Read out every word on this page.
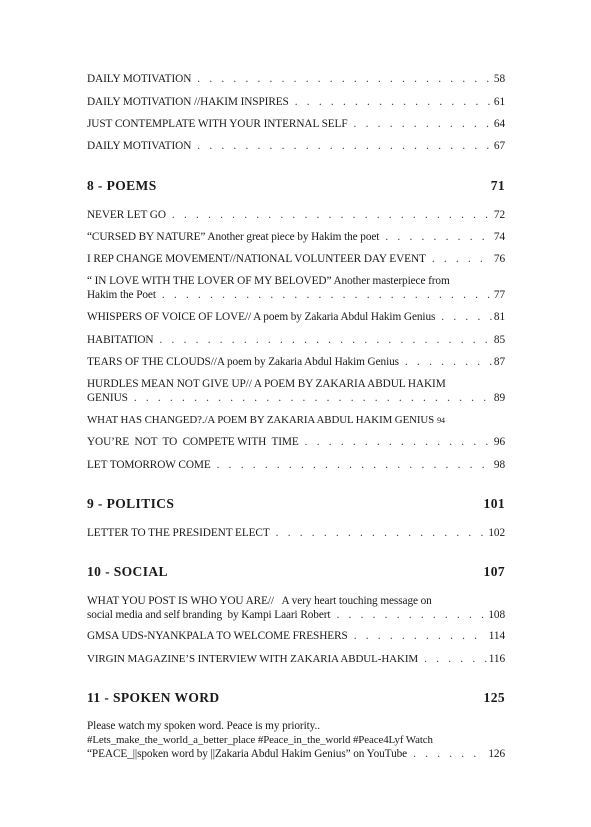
DAILY MOTIVATION . . .	58
DAILY MOTIVATION //HAKIM INSPIRES . . .	61
JUST CONTEMPLATE WITH YOUR INTERNAL SELF . . .	64
DAILY MOTIVATION . . .	67
8 - POEMS	71
NEVER LET GO . . .	72
“CURSED BY NATURE” Another great piece by Hakim the poet . . .	74
I REP CHANGE MOVEMENT//NATIONAL VOLUNTEER DAY EVENT . . .	76
“ IN LOVE WITH THE LOVER OF MY BELOVED” Another masterpiece from
Hakim the Poet . . .	77
WHISPERS OF VOICE OF LOVE// A poem by Zakaria Abdul Hakim Genius . . .	81
HABITATION . . .	85
TEARS OF THE CLOUDS//A poem by Zakaria Abdul Hakim Genius . . .	87
HURDLES MEAN NOT GIVE UP// A POEM BY ZAKARIA ABDUL HAKIM
GENIUS . . .	89
WHAT HAS CHANGED?./A POEM BY ZAKARIA ABDUL HAKIM GENIUS 94
YOU’RE  NOT  TO  COMPETE WITH  TIME . . .	96
LET TOMORROW COME . . .	98
9 - POLITICS	101
LETTER TO THE PRESIDENT ELECT . . .	102
10 - SOCIAL	107
WHAT YOU POST IS WHO YOU ARE//   A very heart touching message on
social media and self branding  by Kampi Laari Robert . . .	108
GMSA UDS-NYANKPALA TO WELCOME FRESHERS . . .	114
VIRGIN MAGAZINE’S INTERVIEW WITH ZAKARIA ABDUL-HAKIM . . .	116
11 - SPOKEN WORD	125
Please watch my spoken word. Peace is my priority..
#Lets_make_the_world_a_better_place #Peace_in_the_world #Peace4Lyf Watch
“PEACE_||spoken word by ||Zakaria Abdul Hakim Genius” on YouTube . . .	126
